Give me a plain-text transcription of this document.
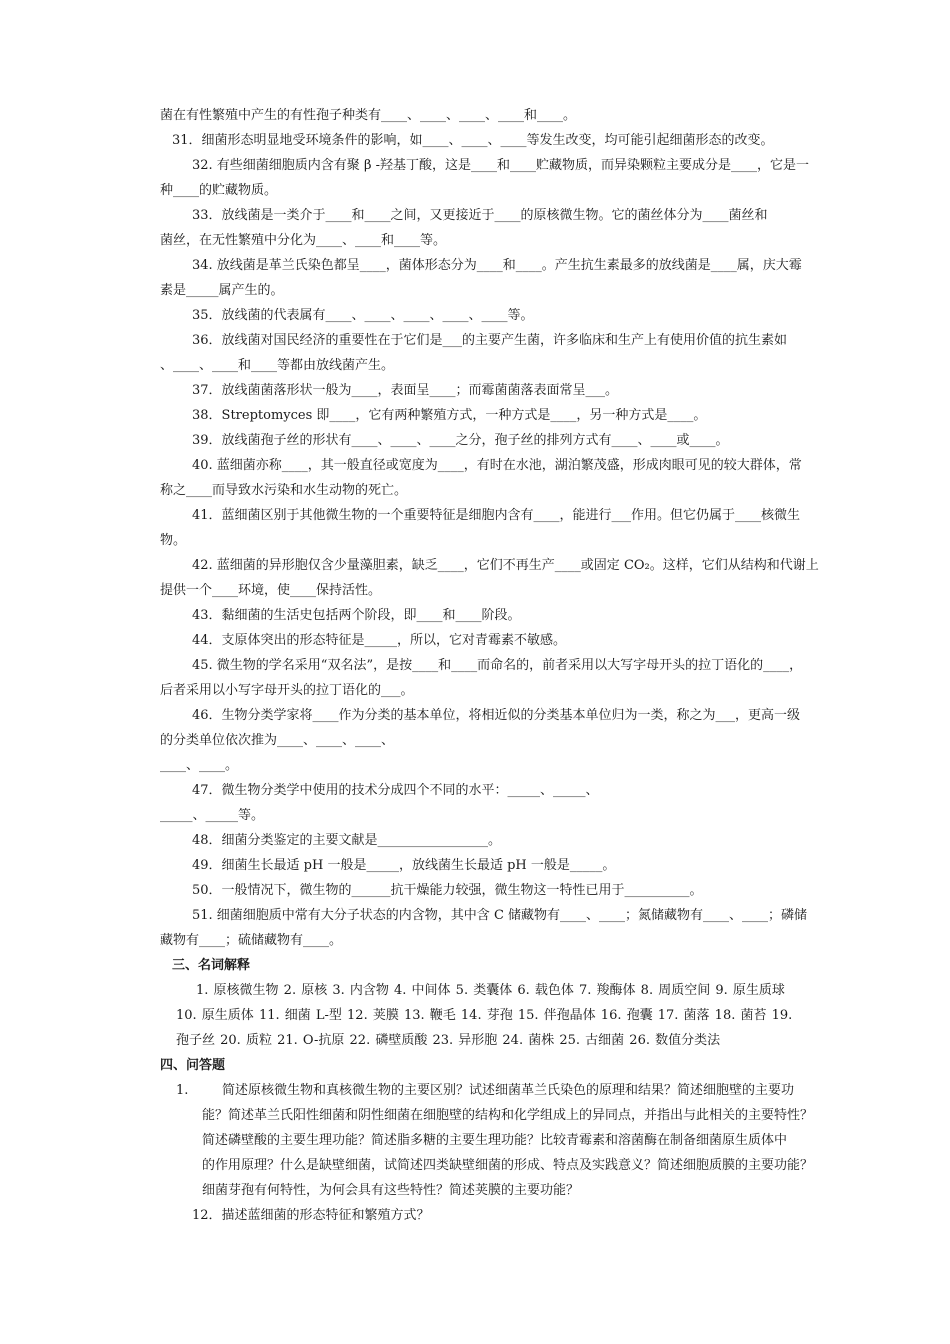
菌在有性繁殖中产生的有性孢子种类有____、____、____、____和____。
31．细菌形态明显地受环境条件的影响，如____、____、____等发生改变，均可能引起细菌形态的改变。
32. 有些细菌细胞质内含有聚 β -羟基丁酸，这是____和____贮藏物质，而异染颗粒主要成分是____，它是一
种____的贮藏物质。
33．放线菌是一类介于____和____之间，又更接近于____的原核微生物。它的菌丝体分为____菌丝和
菌丝，在无性繁殖中分化为____、____和____等。
34. 放线菌是革兰氏染色都呈____，菌体形态分为____和____。产生抗生素最多的放线菌是____属，庆大霉
素是_____属产生的。
35．放线菌的代表属有____、____、____、____、____等。
36．放线菌对国民经济的重要性在于它们是___的主要产生菌，许多临床和生产上有使用价值的抗生素如
、____、____和____等都由放线菌产生。
37．放线菌菌落形状一般为____，表面呈____；而霉菌菌落表面常呈___。
38．Streptomyces 即____，它有两种繁殖方式，一种方式是____，另一种方式是____。
39．放线菌孢子丝的形状有____、____、____之分，孢子丝的排列方式有____、____或____。
40. 蓝细菌亦称____，其一般直径或宽度为____，有时在水池，湖泊繁茂盛，形成肉眼可见的较大群体，常
称之____而导致水污染和水生动物的死亡。
41．蓝细菌区别于其他微生物的一个重要特征是细胞内含有____，能进行___作用。但它仍属于____核微生
物。
42. 蓝细菌的异形胞仅含少量藻胆素，缺乏____，它们不再生产____或固定 CO₂。这样，它们从结构和代谢上
提供一个____环境，使____保持活性。
43．黏细菌的生活史包括两个阶段，即____和____阶段。
44．支原体突出的形态特征是_____，所以，它对青霉素不敏感。
45. 微生物的学名采用“双名法”，是按____和____而命名的，前者采用以大写字母开头的拉丁语化的____，
后者采用以小写字母开头的拉丁语化的___。
46．生物分类学家将____作为分类的基本单位，将相近似的分类基本单位归为一类，称之为___，更高一级
的分类单位依次推为____、____、____、
____、____。
47．微生物分类学中使用的技术分成四个不同的水平：_____、_____、
_____、_____等。
48．细菌分类鉴定的主要文献是_________________。
49．细菌生长最适 pH 一般是_____，放线菌生长最适 pH 一般是_____。
50．一般情况下，微生物的______抗干燥能力较强，微生物这一特性已用于__________。
51. 细菌细胞质中常有大分子状态的内含物，其中含 C 储藏物有____、____；氮储藏物有____、____；磷储
藏物有____；硫储藏物有____。
三、名词解释
1. 原核微生物 2. 原核 3. 内含物 4. 中间体 5. 类囊体 6. 载色体 7. 羧酶体 8. 周质空间 9. 原生质球
10. 原生质体 11. 细菌 L-型 12. 荚膜 13. 鞭毛 14. 芽孢 15. 伴孢晶体 16. 孢囊 17. 菌落 18. 菌苔 19.
孢子丝 20. 质粒 21. O-抗原 22. 磷壁质酸 23. 异形胞 24. 菌株 25. 古细菌 26. 数值分类法
四、问答题
1.	简述原核微生物和真核微生物的主要区别？试述细菌革兰氏染色的原理和结果？简述细胞壁的主要功
能？简述革兰氏阳性细菌和阴性细菌在细胞壁的结构和化学组成上的异同点，并指出与此相关的主要特性？
简述磷壁酸的主要生理功能？简述脂多糖的主要生理功能？比较青霉素和溶菌酶在制备细菌原生质体中
的作用原理？什么是缺壁细菌，试简述四类缺壁细菌的形成、特点及实践意义？简述细胞质膜的主要功能？
细菌芽孢有何特性，为何会具有这些特性？简述荚膜的主要功能？
12．描述蓝细菌的形态特征和繁殖方式？
